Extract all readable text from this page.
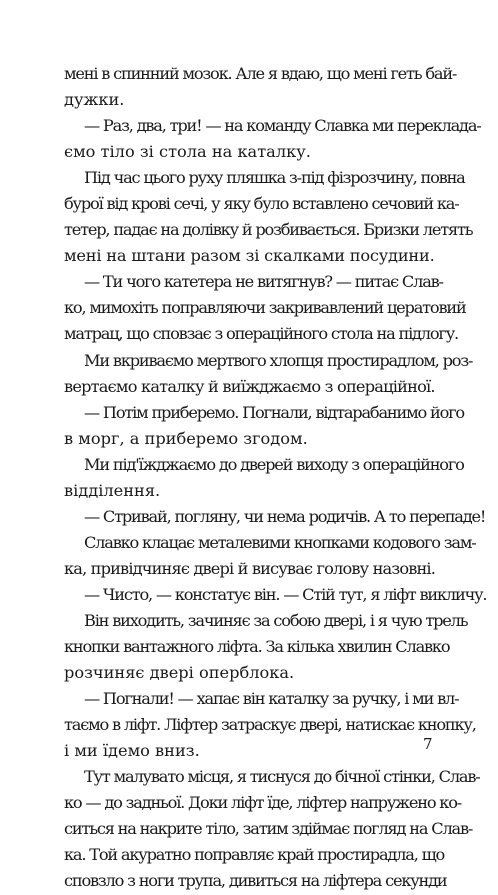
мені в спинний мозок. Але я вдаю, що мені геть бай-
дужки.
— Раз, два, три! — на команду Славка ми перекладa-
ємо тіло зі стола на каталку.
Під час цього руху пляшка з-під фізрозчину, повна
бурої від крові сечі, у яку було вставлено сечовий ка-
тетер, падає на долівку й розбивається. Бризки летять
мені на штани разом зі скалками посудини.
— Ти чого катетера не витягнув? — питає Слав-
ко, мимохіть поправляючи закривавлений цератовий
матрац, що сповзає з операційного стола на підлогу.
Ми вкриваємо мертвого хлопця простирадлом, роз-
вертаємо каталку й виїжджаємо з операційної.
— Потім приберемо. Погнали, відтарабанимо його
в морг, а приберемо згодом.
Ми під'їжджаємо до дверей виходу з операційного
відділення.
— Стривай, погляну, чи нема родичів. А то перепаде!
Славко клацає металевими кнопками кодового зам-
ка, привідчиняє двері й висуває голову назовні.
— Чисто, — констатує він. — Стій тут, я ліфт викличу.
Він виходить, зачиняє за собою двері, і я чую трель
кнопки вантажного ліфта. За кілька хвилин Славко
розчиняє двері оперблока.
— Погнали! — хапає він каталку за ручку, і ми вл-
таємо в ліфт. Ліфтер затраскує двері, натискає кнопку,
і ми їдемо вниз.
Тут малувато місця, я тиснуся до бічної стінки, Слав-
ко — до задньої. Доки ліфт їде, ліфтер напружено ко-
ситься на накрите тіло, затим здіймає погляд на Слав-
ка. Той акуратно поправляє край простирадла, що
сповзло з ноги трупа, дивиться на ліфтера секунди
7
